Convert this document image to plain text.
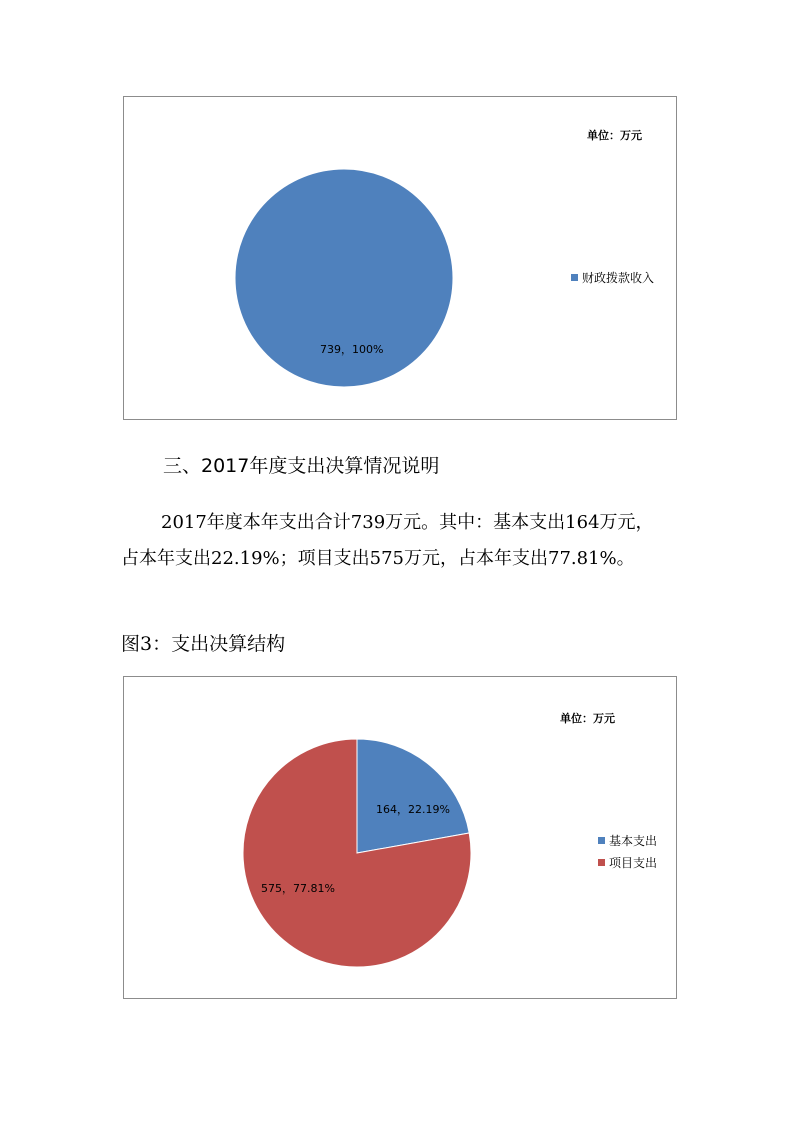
单位：万元
739，100%
财政拨款收入
三、2017年度支出决算情况说明
2017年度本年支出合计739万元。其中：基本支出164万元，占本年支出22.19%；项目支出575万元，占本年支出77.81%。
图3：支出决算结构
单位：万元
164，22.19%
575，77.81%
基本支出
项目支出
